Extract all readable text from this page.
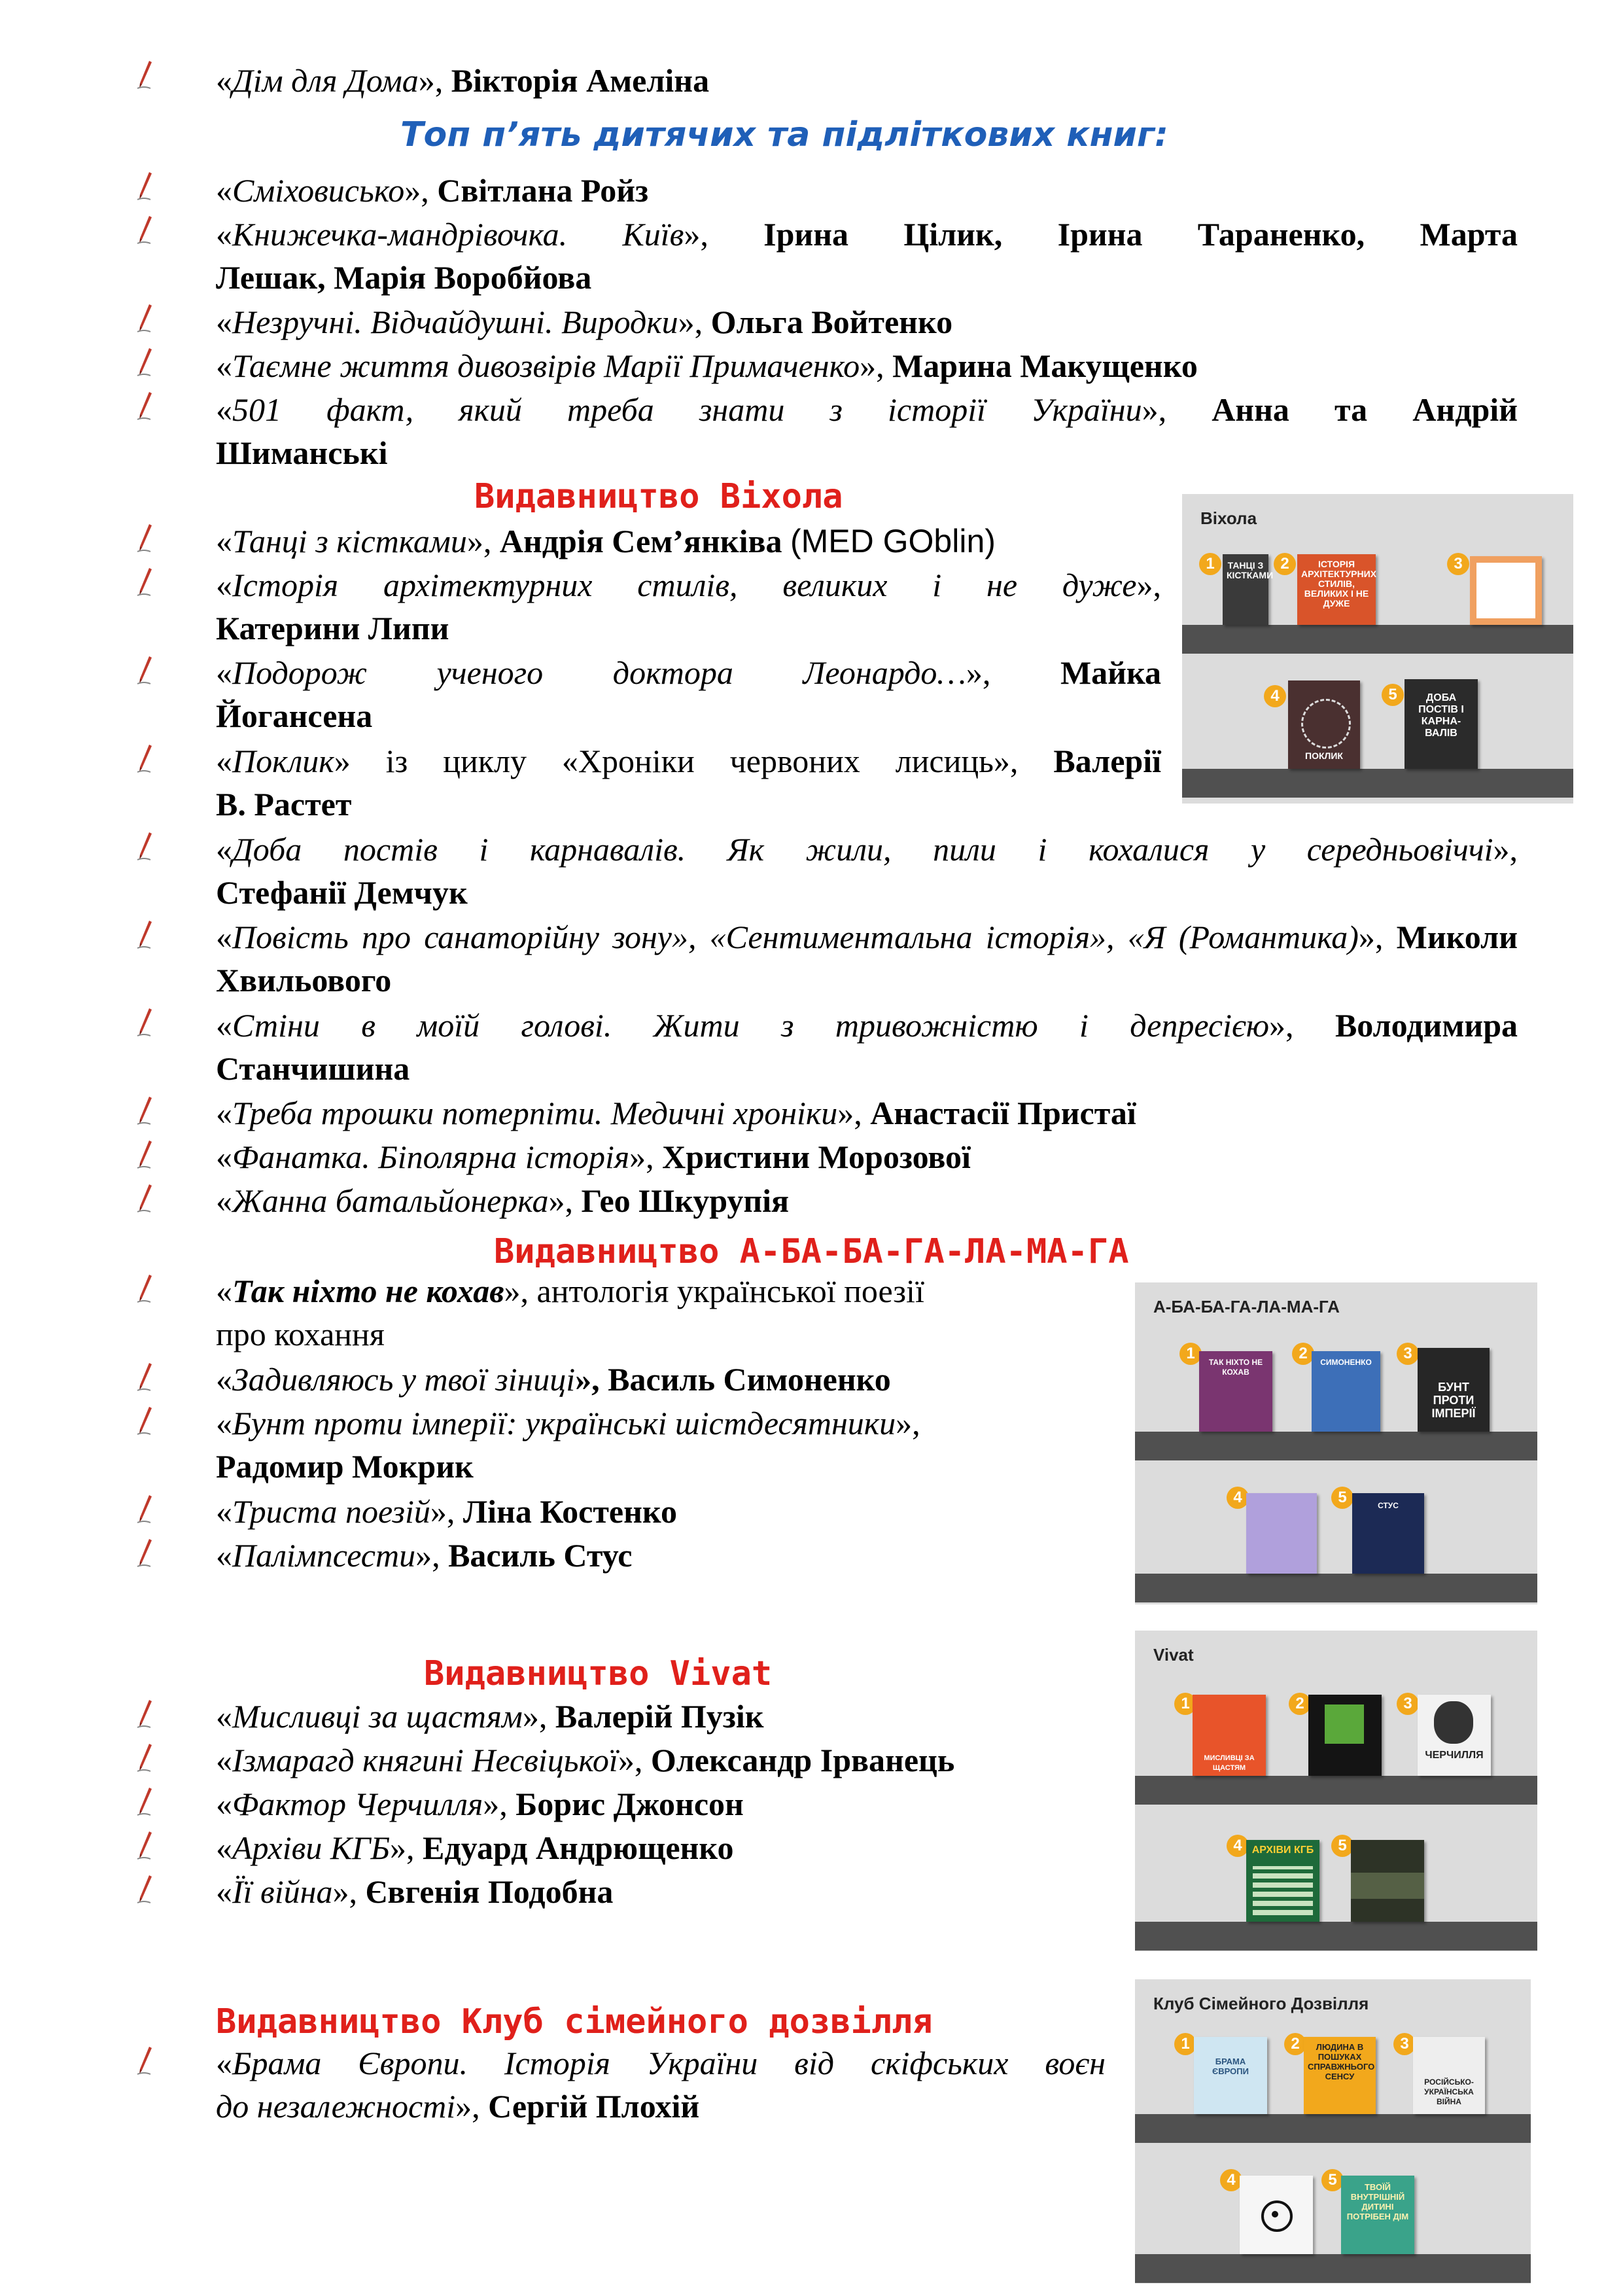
«Дім для Дома», Вікторія Амеліна
Топ п’ять дитячих та підліткових книг:
«Сміховисько», Світлана Ройз
«Книжечка-мандрівочка. Київ», Ірина Цілик, Ірина Тараненко, Марта
Лешак, Марія Воробйова
«Незручні. Відчайдушні. Виродки», Ольга Войтенко
«Таємне життя дивозвірів Марії Примаченко», Марина Макущенко
«501 факт, який треба знати з історії України», Анна та Андрій
Шиманські
Видавництво Віхола
Віхола
1	ТАНЦІ З КІСТКАМИ
2	ІСТОРІЯ АРХІТЕКТУРНИХ СТИЛІВ, ВЕЛИКИХ І НЕ ДУЖЕ
3
4
ПОКЛИК
5	ДОБА ПОСТІВ І КАРНА-ВАЛІВ
«Танці з кістками», Андрія Сем’янківа (MED GOblin)
«Історія архітектурних стилів, великих і не дуже»,
Катерини Липи
«Подорож ученого доктора Леонардо…», Майка
Йогансена
«Поклик» із циклу «Хроніки червоних лисиць», Валерії
В. Растет
«Доба постів і карнавалів. Як жили, пили і кохалися у середньовіччі»,
Стефанії Демчук
«Повість про санаторійну зону», «Сентиментальна історія», «Я (Романтика)», Миколи Хвильового
«Стіни в моїй голові. Жити з тривожністю і депресією», Володимира
Станчишина
«Треба трошки потерпіти. Медичні хроніки», Анастасії Пристаї
«Фанатка. Біполярна історія», Христини Морозової
«Жанна батальйонерка», Гео Шкурупія
Видавництво А-БА-БА-ГА-ЛА-МА-ГА
А-БА-БА-ГА-ЛА-МА-ГА
1	ТАК НІХТО НЕ КОХАВ
2	СИМОНЕНКО	3
БУНТ ПРОТИ ІМПЕРІЇ
4	5	СТУС
«Так ніхто не кохав», антологія української поезії
про кохання
«Задивляюсь у твої зіниці», Василь Симоненко
«Бунт проти імперії: українські шістдесятники»,
Радомир Мокрик
«Триста поезій», Ліна Костенко
«Палімпсести», Василь Стус
Видавництво Vivat	Vivat
1
МИСЛИВЦІ ЗА ЩАСТЯМ
2	3
ЧЕРЧИЛЛЯ
4 АРХІВИ КГБ	5
«Мисливці за щастям», Валерій Пузік
«Ізмарагд княгині Несвіцької», Олександр Ірванець
«Фактор Черчилля», Борис Джонсон
«Архіви КГБ», Едуард Андрющенко
«Її війна», Євгенія Подобна
Видавництво Клуб сімейного дозвілля	Клуб Сімейного Дозвілля
1
БРАМА ЄВРОПИ
2	ЛЮДИНА В ПОШУКАХ СПРАВЖНЬОГО СЕНСУ
3
РОСІЙСЬКО-УКРАЇНСЬКА ВІЙНА
4	5	ТВОЇЙ ВНУТРІШНІЙ ДИТИНІ ПОТРІБЕН ДІМ
«Брама Європи. Історія України від скіфських воєн
до незалежності», Сергій Плохій
